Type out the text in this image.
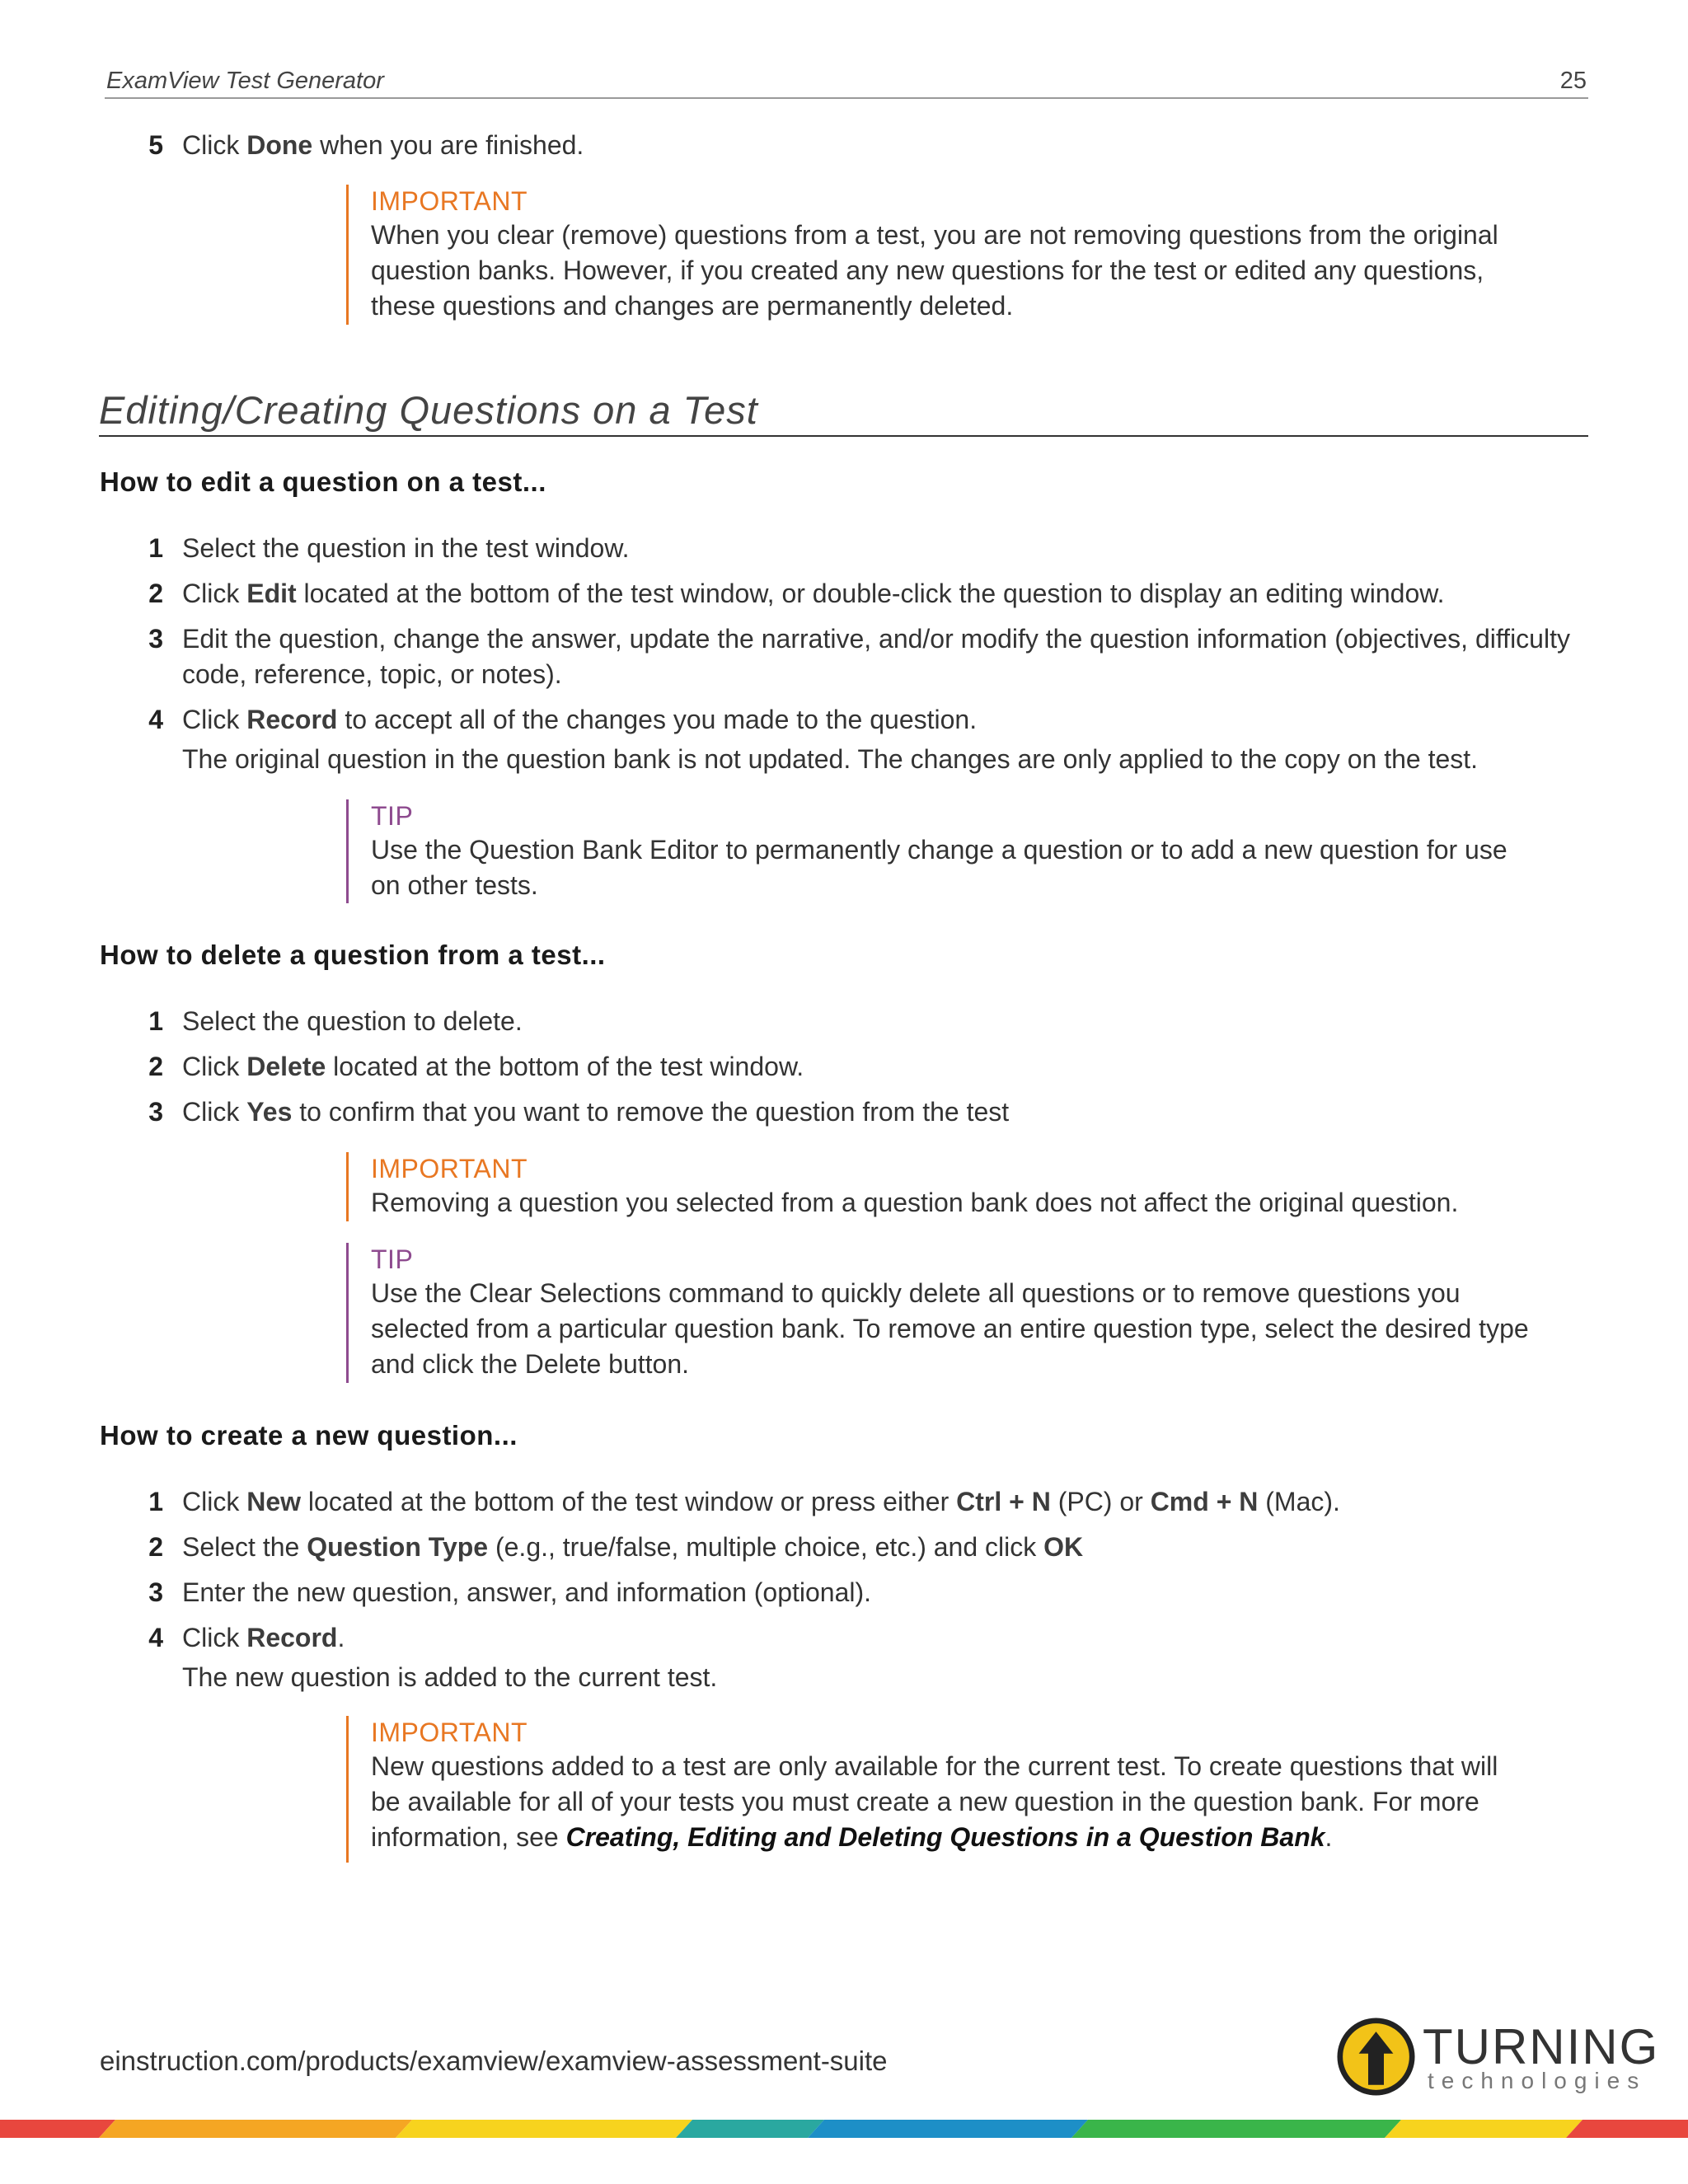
ExamView Test Generator	25
5 Click Done when you are finished.
IMPORTANT
When you clear (remove) questions from a test, you are not removing questions from the original question banks. However, if you created any new questions for the test or edited any questions, these questions and changes are permanently deleted.
Editing/Creating Questions on a Test
How to edit a question on a test...
1 Select the question in the test window.
2 Click Edit located at the bottom of the test window, or double-click the question to display an editing window.
3 Edit the question, change the answer, update the narrative, and/or modify the question information (objectives, difficulty code, reference, topic, or notes).
4 Click Record to accept all of the changes you made to the question.
The original question in the question bank is not updated. The changes are only applied to the copy on the test.
TIP
Use the Question Bank Editor to permanently change a question or to add a new question for use on other tests.
How to delete a question from a test...
1 Select the question to delete.
2 Click Delete located at the bottom of the test window.
3 Click Yes to confirm that you want to remove the question from the test
IMPORTANT
Removing a question you selected from a question bank does not affect the original question.
TIP
Use the Clear Selections command to quickly delete all questions or to remove questions you selected from a particular question bank. To remove an entire question type, select the desired type and click the Delete button.
How to create a new question...
1 Click New located at the bottom of the test window or press either Ctrl + N (PC) or Cmd + N (Mac).
2 Select the Question Type (e.g., true/false, multiple choice, etc.) and click OK
3 Enter the new question, answer, and information (optional).
4 Click Record.
The new question is added to the current test.
IMPORTANT
New questions added to a test are only available for the current test. To create questions that will be available for all of your tests you must create a new question in the question bank. For more information, see Creating, Editing and Deleting Questions in a Question Bank.
einstruction.com/products/examview/examview-assessment-suite	TURNING
technologies
